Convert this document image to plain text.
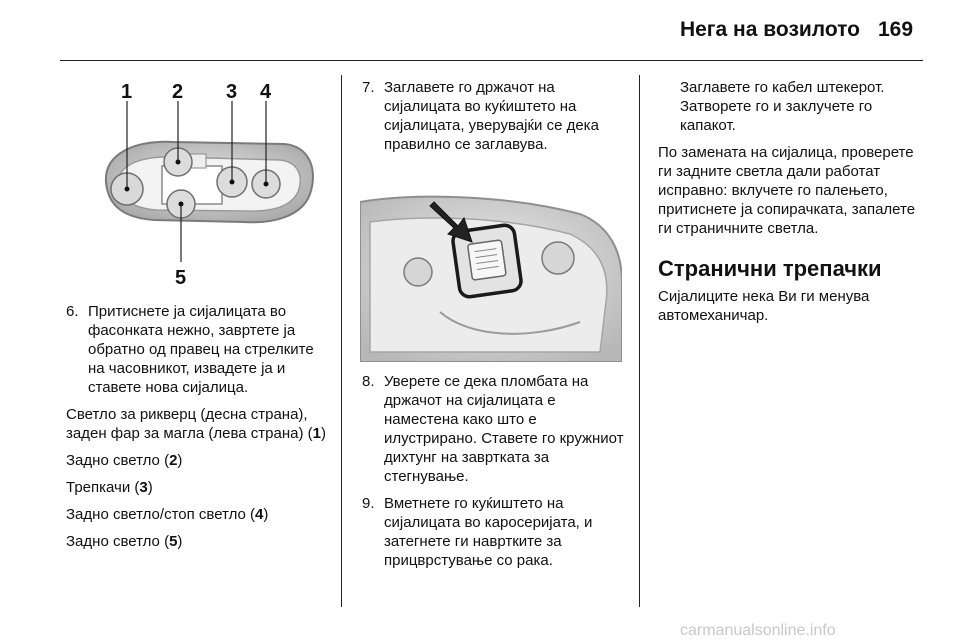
Нега на возилото 169
1 2 3 4
5
6. Притиснете ја сијалицата во фасонката нежно, завртете ја обратно од правец на стрелките на часовникот, извадете ја и ставете нова сијалица.

Светло за рикверц (десна страна), заден фар за магла (лева страна) (1)

Задно светло (2)

Трепкачи (3)

Задно светло/стоп светло (4)

Задно светло (5)

7. Заглавете го држачот на сијалицата во куќиштето на сијалицата, уверувајќи се дека правилно се заглавува.
8. Уверете се дека пломбата на држачот на сијалицата е наместена како што е илустрирано. Ставете го кружниот дихтунг на завртката за стегнување.
9. Вметнете го куќиштето на сијалицата во каросеријата, и затегнете ги навртките за прицврстување со рака.

Заглавете го кабел штекерот. Затворете го и заклучете го капакот.

По замената на сијалица, проверете ги задните светла дали работат исправно: вклучете го палењето, притиснете ја сопирачката, запалете ги страничните светла.

Странични трепачки

Сијалиците нека Ви ги менува автомеханичар.

carmanualsonline.info
